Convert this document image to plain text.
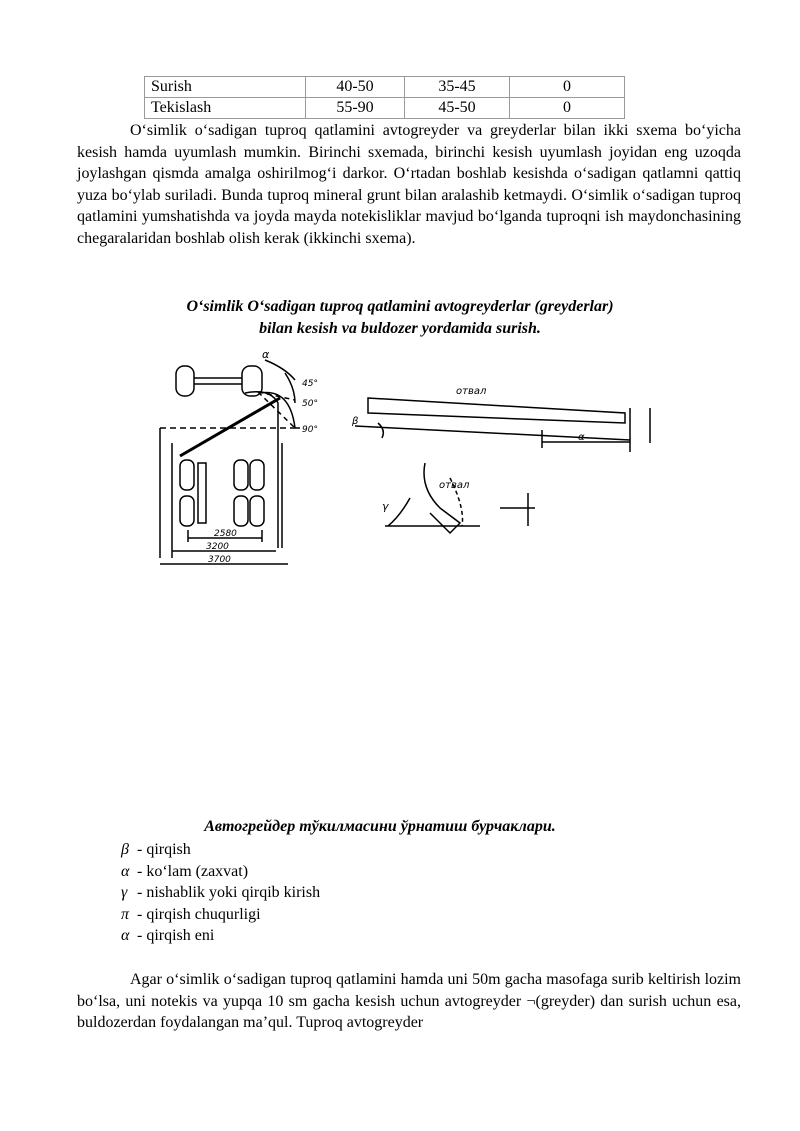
Surish	40-50	35-45	0
Tekislash	55-90	45-50	0

O‘simlik o‘sadigan tuproq qatlamini avtogreyder va greyderlar bilan ikki sxema bo‘yicha kesish hamda uyumlash mumkin. Birinchi sxemada, birinchi kesish uyumlash joyidan eng uzoqda joylashgan qismda amalga oshirilmog‘i darkor. O‘rtadan boshlab kesishda o‘sadigan qatlamni qattiq yuza bo‘ylab suriladi. Bunda tuproq mineral grunt bilan aralashib ketmaydi. O‘simlik o‘sadigan tuproq qatlamini yumshatishda va joyda mayda notekisliklar mavjud bo‘lganda tuproqni ish maydonchasining chegaralaridan boshlab olish kerak (ikkinchi sxema).

O‘simlik O‘sadigan tuproq qatlamini avtogreyderlar (greyderlar)
bilan kesish va buldozer yordamida surish.
α
45°
50°
90°
2580
3200
3700
отвал
отвал
β
γ
α
Автогрейдер тўкилмасини ўрнатиш бурчаклари.
β - qirqish
α - ko‘lam (zaxvat)
γ - nishablik yoki qirqib kirish
π - qirqish chuqurligi
α - qirqish eni

Agar o‘simlik o‘sadigan tuproq qatlamini hamda uni 50m gacha masofaga surib keltirish lozim bo‘lsa, uni notekis va yupqa 10 sm gacha kesish uchun avtogreyder ¬(greyder) dan surish uchun esa, buldozerdan foydalangan ma’qul. Tuproq avtogreyder
